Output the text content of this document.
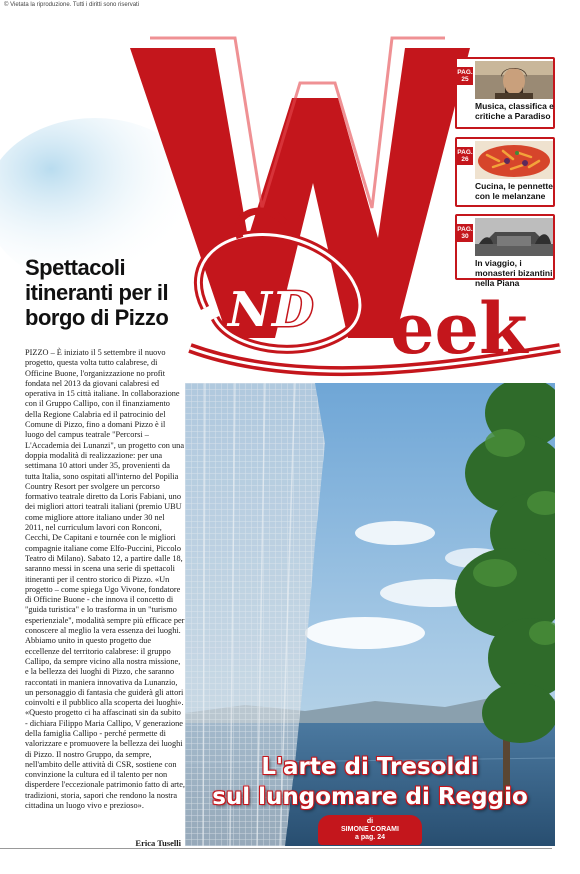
© Vietata la riproduzione. Tutti i diritti sono riservati
ND eek
PAG.
25
Musica, classifica e critiche a Paradiso
PAG.
26
Cucina, le pennette con le melanzane
PAG.
30
In viaggio, i monasteri bizantini nella Piana
Spettacoli itineranti per il borgo di Pizzo
PIZZO – È iniziato il 5 settembre il nuovo progetto, questa volta tutto calabrese, di Officine Buone, l'organizzazione no profit fondata nel 2013 da giovani calabresi ed operativa in 15 città italiane. In collaborazione con il Gruppo Callipo, con il finanziamento della Regione Calabria ed il patrocinio del Comune di Pizzo, fino a domani Pizzo è il luogo del campus teatrale "Percorsi – L'Accademia dei Lunanzi", un progetto con una doppia modalità di realizzazione: per una settimana 10 attori under 35, provenienti da tutta Italia, sono ospitati all'interno del Popilia Country Resort per svolgere un percorso formativo teatrale diretto da Loris Fabiani, uno dei migliori attori teatrali italiani (premio UBU come migliore attore italiano under 30 nel 2011, nel curriculum lavori con Ronconi, Cecchi, De Capitani e tournée con le migliori compagnie italiane come Elfo-Puccini, Piccolo Teatro di Milano). Sabato 12, a partire dalle 18, saranno messi in scena una serie di spettacoli itineranti per il centro storico di Pizzo. «Un progetto – come spiega Ugo Vivone, fondatore di Officine Buone - che innova il concetto di "guida turistica" e lo trasforma in un "turismo esperienziale", modalità sempre più efficace per conoscere al meglio la vera essenza dei luoghi. Abbiamo unito in questo progetto due eccellenze del territorio calabrese: il gruppo Callipo, da sempre vicino alla nostra missione, e la bellezza dei luoghi di Pizzo, che saranno raccontati in maniera innovativa da Lunanzio, un personaggio di fantasia che guiderà gli attori coinvolti e il pubblico alla scoperta dei luoghi». «Questo progetto ci ha affascinati sin da subito - dichiara Filippo Maria Callipo, V generazione della famiglia Callipo - perché permette di valorizzare e promuovere la bellezza dei luoghi di Pizzo. Il nostro Gruppo, da sempre, nell'ambito delle attività di CSR, sostiene con convinzione la cultura ed il talento per non disperdere l'eccezionale patrimonio fatto di arte, tradizioni, storia, sapori che rendono la nostra cittadina un luogo vivo e prezioso».
Erica Tuselli
L'arte di Tresoldi
sul lungomare di Reggio
di
SIMONE CORAMI
a pag. 24
